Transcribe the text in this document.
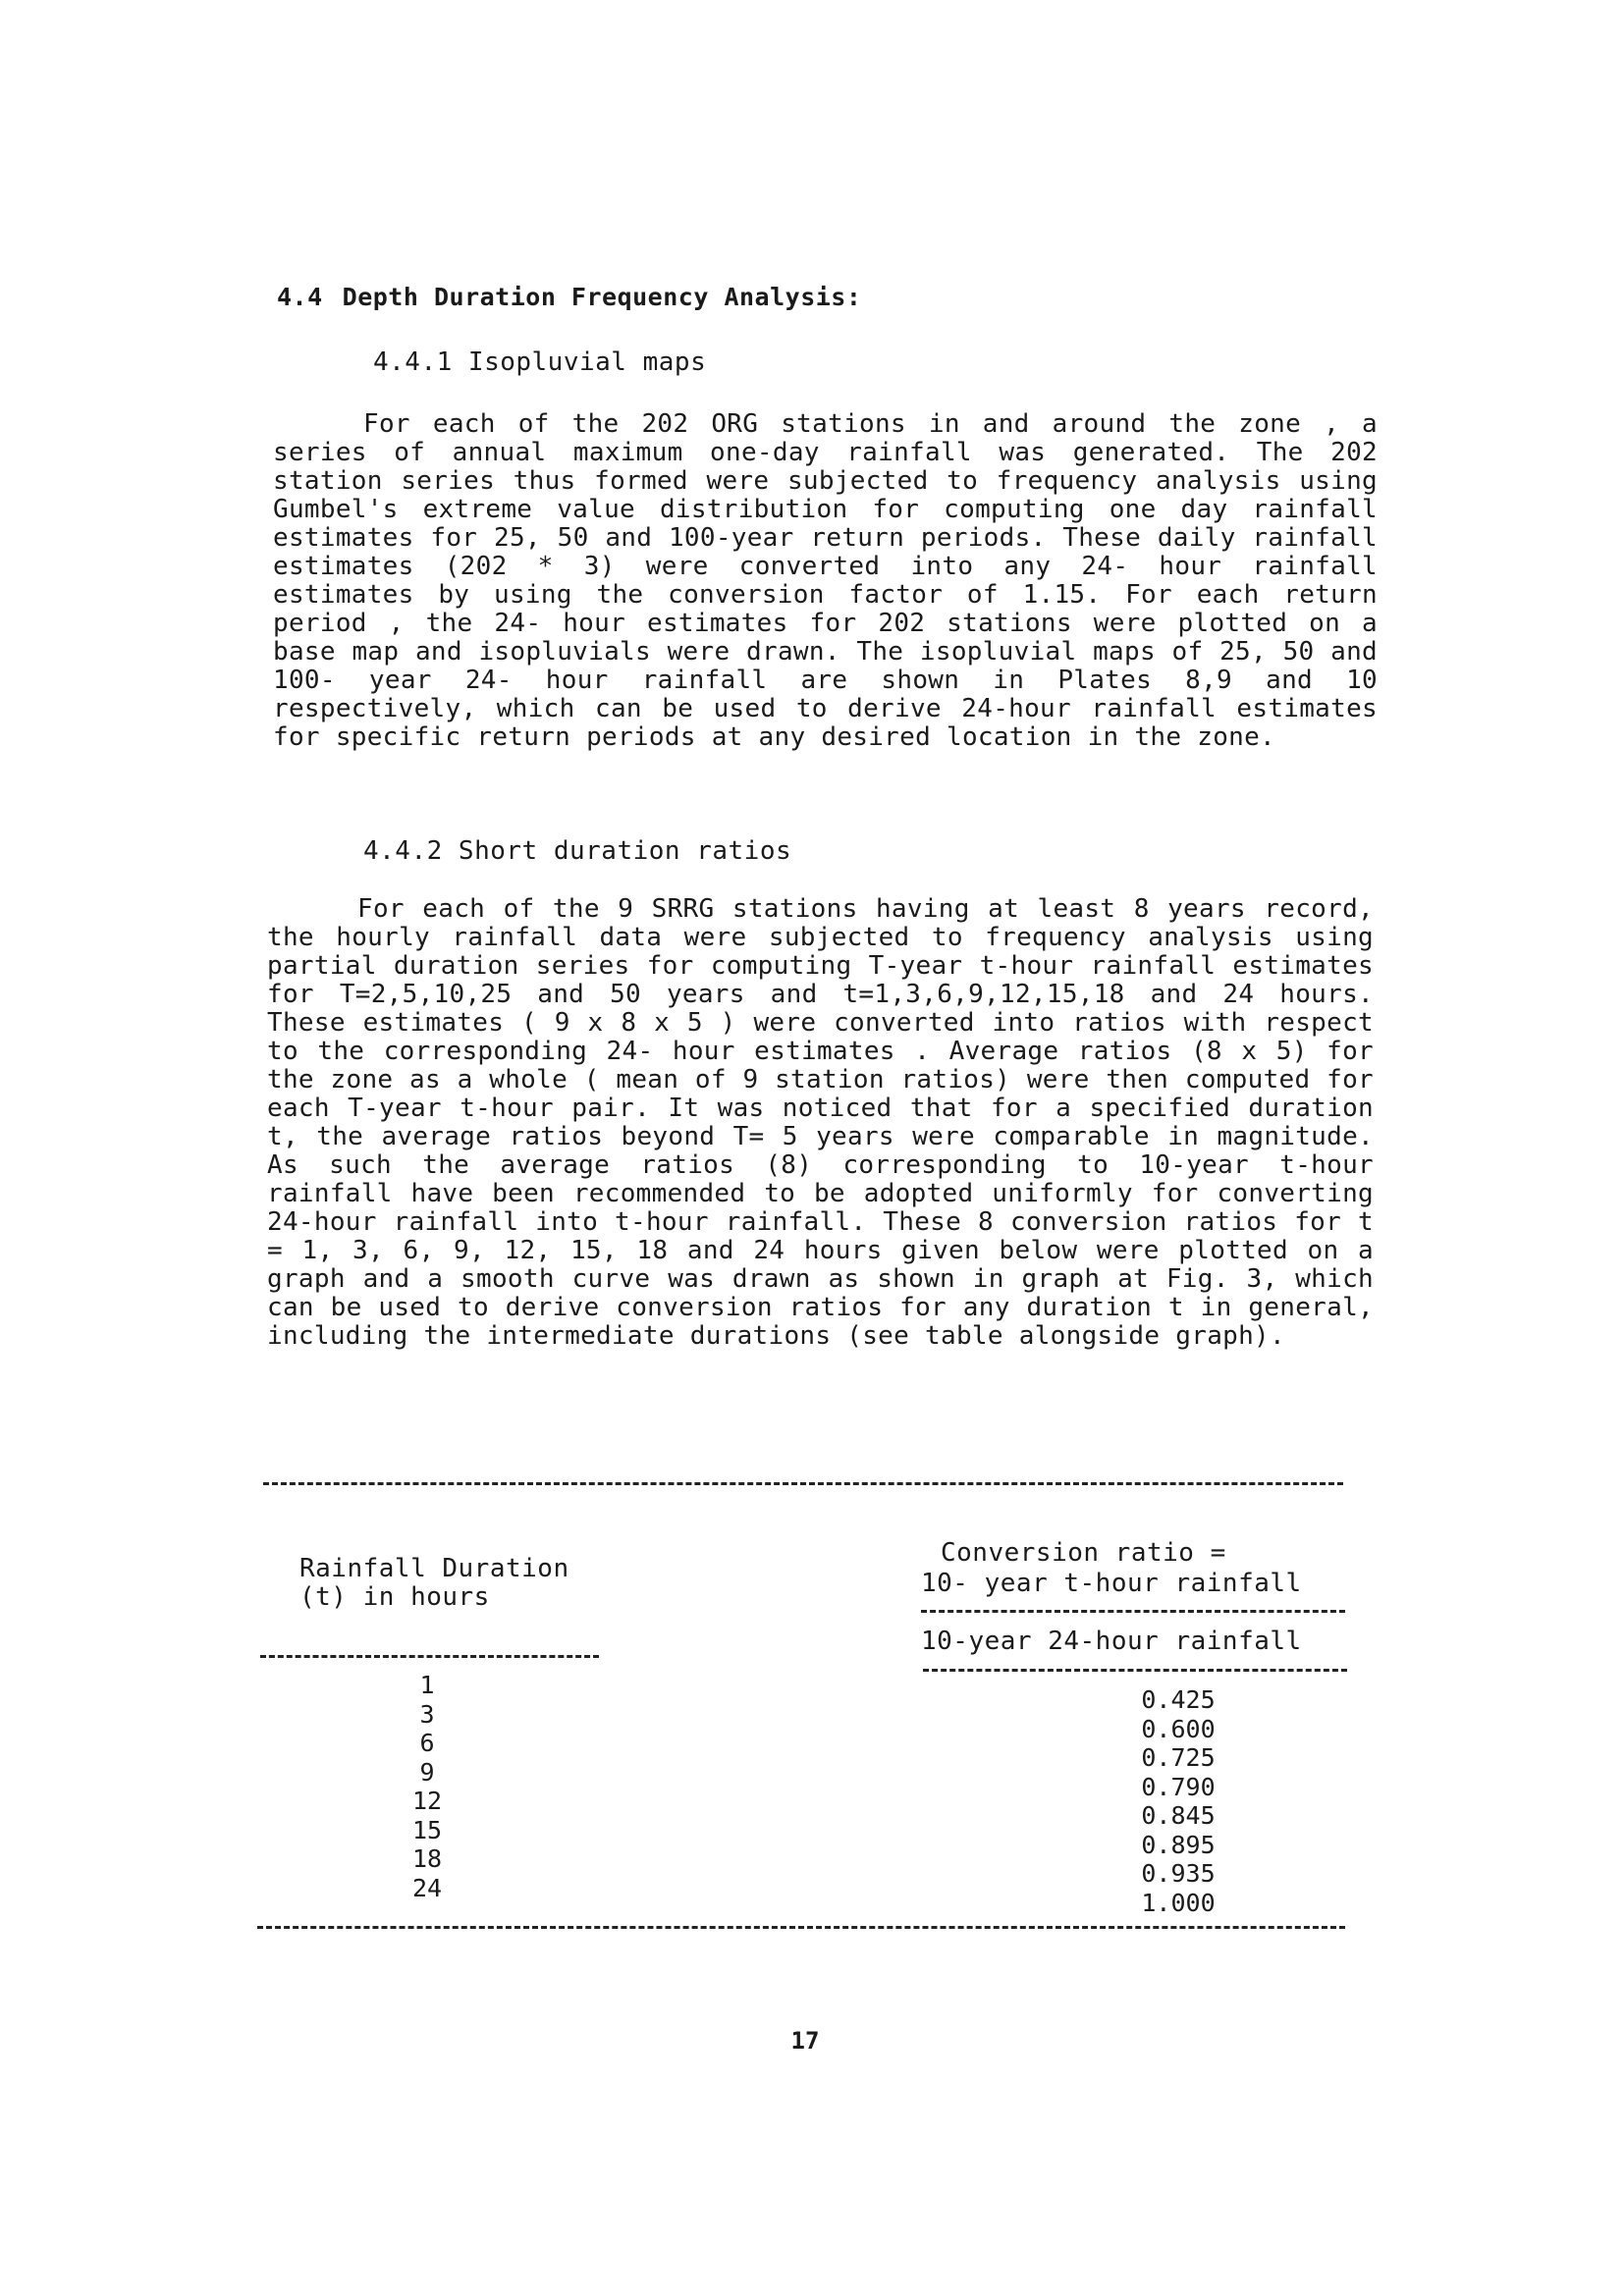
4.4 Depth Duration Frequency Analysis:
4.4.1 Isopluvial maps

For each of the 202 ORG stations in and around the zone , a series of annual maximum one-day rainfall was generated. The 202 station series thus formed were subjected to frequency analysis using Gumbel's extreme value distribution for computing one day rainfall estimates for 25, 50 and 100-year return periods. These daily rainfall estimates (202 * 3) were converted into any 24- hour rainfall estimates by using the conversion factor of 1.15. For each return period , the 24- hour estimates for 202 stations were plotted on a base map and isopluvials were drawn. The isopluvial maps of 25, 50 and 100- year 24- hour rainfall are shown in Plates 8,9 and 10 respectively, which can be used to derive 24-hour rainfall estimates for specific return periods at any desired location in the zone.

4.4.2 Short duration ratios

For each of the 9 SRRG stations having at least 8 years record, the hourly rainfall data were subjected to frequency analysis using partial duration series for computing T-year t-hour rainfall estimates for T=2,5,10,25 and 50 years and t=1,3,6,9,12,15,18 and 24 hours. These estimates ( 9 x 8 x 5 ) were converted into ratios with respect to the corresponding 24- hour estimates . Average ratios (8 x 5) for the zone as a whole ( mean of 9 station ratios) were then computed for each T-year t-hour pair. It was noticed that for a specified duration t, the average ratios beyond T= 5 years were comparable in magnitude. As such the average ratios (8) corresponding to 10-year t-hour rainfall have been recommended to be adopted uniformly for converting 24-hour rainfall into t-hour rainfall. These 8 conversion ratios for t = 1, 3, 6, 9, 12, 15, 18 and 24 hours given below were plotted on a graph and a smooth curve was drawn as shown in graph at Fig. 3, which can be used to derive conversion ratios for any duration t in general, including the intermediate durations (see table alongside graph).

Rainfall Duration
(t) in hours
Conversion ratio =
10- year t-hour rainfall
10-year 24-hour rainfall
1
3
6
9
12
15
18
24
0.425
0.600
0.725
0.790
0.845
0.895
0.935
1.000
17
